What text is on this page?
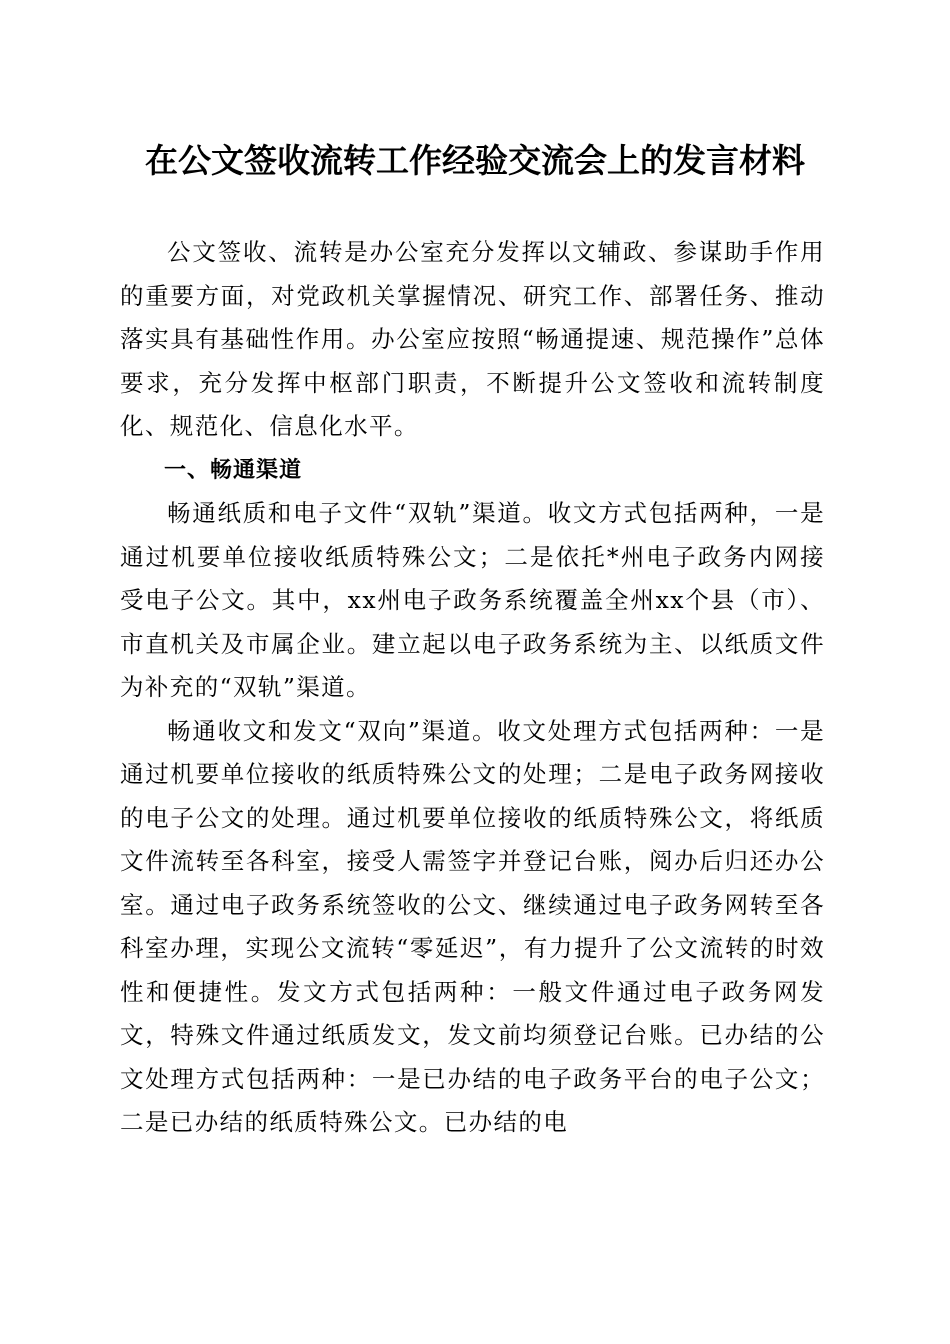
在公文签收流转工作经验交流会上的发言材料

公文签收、流转是办公室充分发挥以文辅政、参谋助手作用的重要方面，对党政机关掌握情况、研究工作、部署任务、推动落实具有基础性作用。办公室应按照“畅通提速、规范操作”总体要求，充分发挥中枢部门职责，不断提升公文签收和流转制度化、规范化、信息化水平。

一、畅通渠道

畅通纸质和电子文件“双轨”渠道。收文方式包括两种，一是通过机要单位接收纸质特殊公文；二是依托*州电子政务内网接受电子公文。其中，xx州电子政务系统覆盖全州xx个县（市）、市直机关及市属企业。建立起以电子政务系统为主、以纸质文件为补充的“双轨”渠道。

畅通收文和发文“双向”渠道。收文处理方式包括两种：一是通过机要单位接收的纸质特殊公文的处理；二是电子政务网接收的电子公文的处理。通过机要单位接收的纸质特殊公文，将纸质文件流转至各科室，接受人需签字并登记台账，阅办后归还办公室。通过电子政务系统签收的公文、继续通过电子政务网转至各科室办理，实现公文流转“零延迟”，有力提升了公文流转的时效性和便捷性。发文方式包括两种：一般文件通过电子政务网发文，特殊文件通过纸质发文，发文前均须登记台账。已办结的公文处理方式包括两种：一是已办结的电子政务平台的电子公文；二是已办结的纸质特殊公文。已办结的电
